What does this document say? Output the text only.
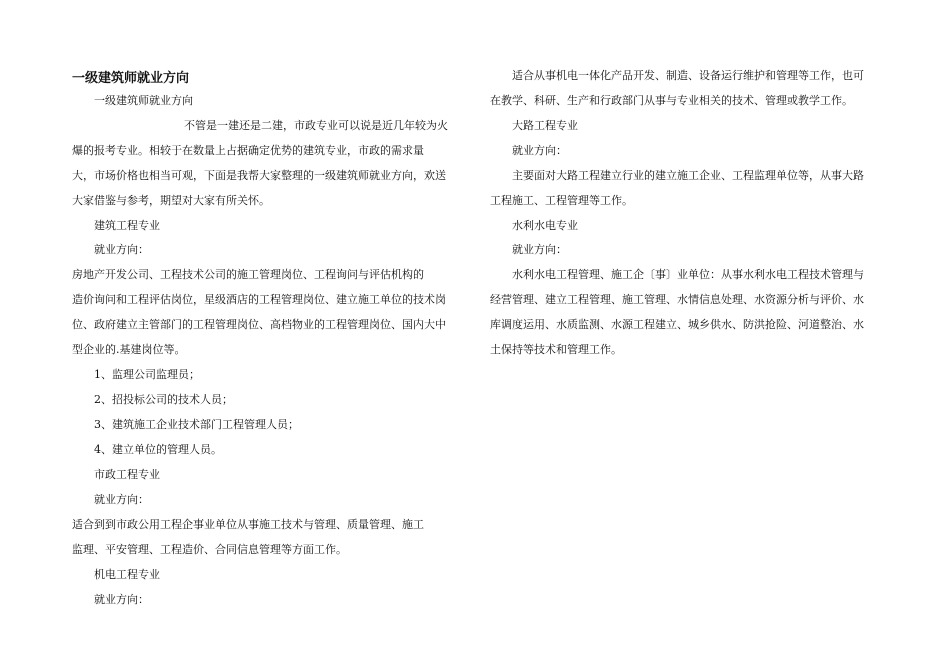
一级建筑师就业方向

一级建筑师就业方向

不管是一建还是二建，市政专业可以说是近几年较为火

爆的报考专业。相较于在数量上占据确定优势的建筑专业，市政的需求量

大，市场价格也相当可观，下面是我帮大家整理的一级建筑师就业方向，欢送

大家借鉴与参考，期望对大家有所关怀。

建筑工程专业

就业方向：

房地产开发公司、工程技术公司的施工管理岗位、工程询问与评估机构的

造价询问和工程评估岗位，星级酒店的工程管理岗位、建立施工单位的技术岗

位、政府建立主管部门的工程管理岗位、高档物业的工程管理岗位、国内大中

型企业的.基建岗位等。

1、监理公司监理员；

2、招投标公司的技术人员；

3、建筑施工企业技术部门工程管理人员；

4、建立单位的管理人员。

市政工程专业

就业方向：

适合到到市政公用工程企事业单位从事施工技术与管理、质量管理、施工

监理、平安管理、工程造价、合同信息管理等方面工作。

机电工程专业

就业方向：

适合从事机电一体化产品开发、制造、设备运行维护和管理等工作，也可

在教学、科研、生产和行政部门从事与专业相关的技术、管理或教学工作。

大路工程专业

就业方向：

主要面对大路工程建立行业的建立施工企业、工程监理单位等，从事大路

工程施工、工程管理等工作。

水利水电专业

就业方向：

水利水电工程管理、施工企〔事〕业单位：从事水利水电工程技术管理与

经营管理、建立工程管理、施工管理、水情信息处理、水资源分析与评价、水

库调度运用、水质监测、水源工程建立、城乡供水、防洪抢险、河道整治、水

土保持等技术和管理工作。
